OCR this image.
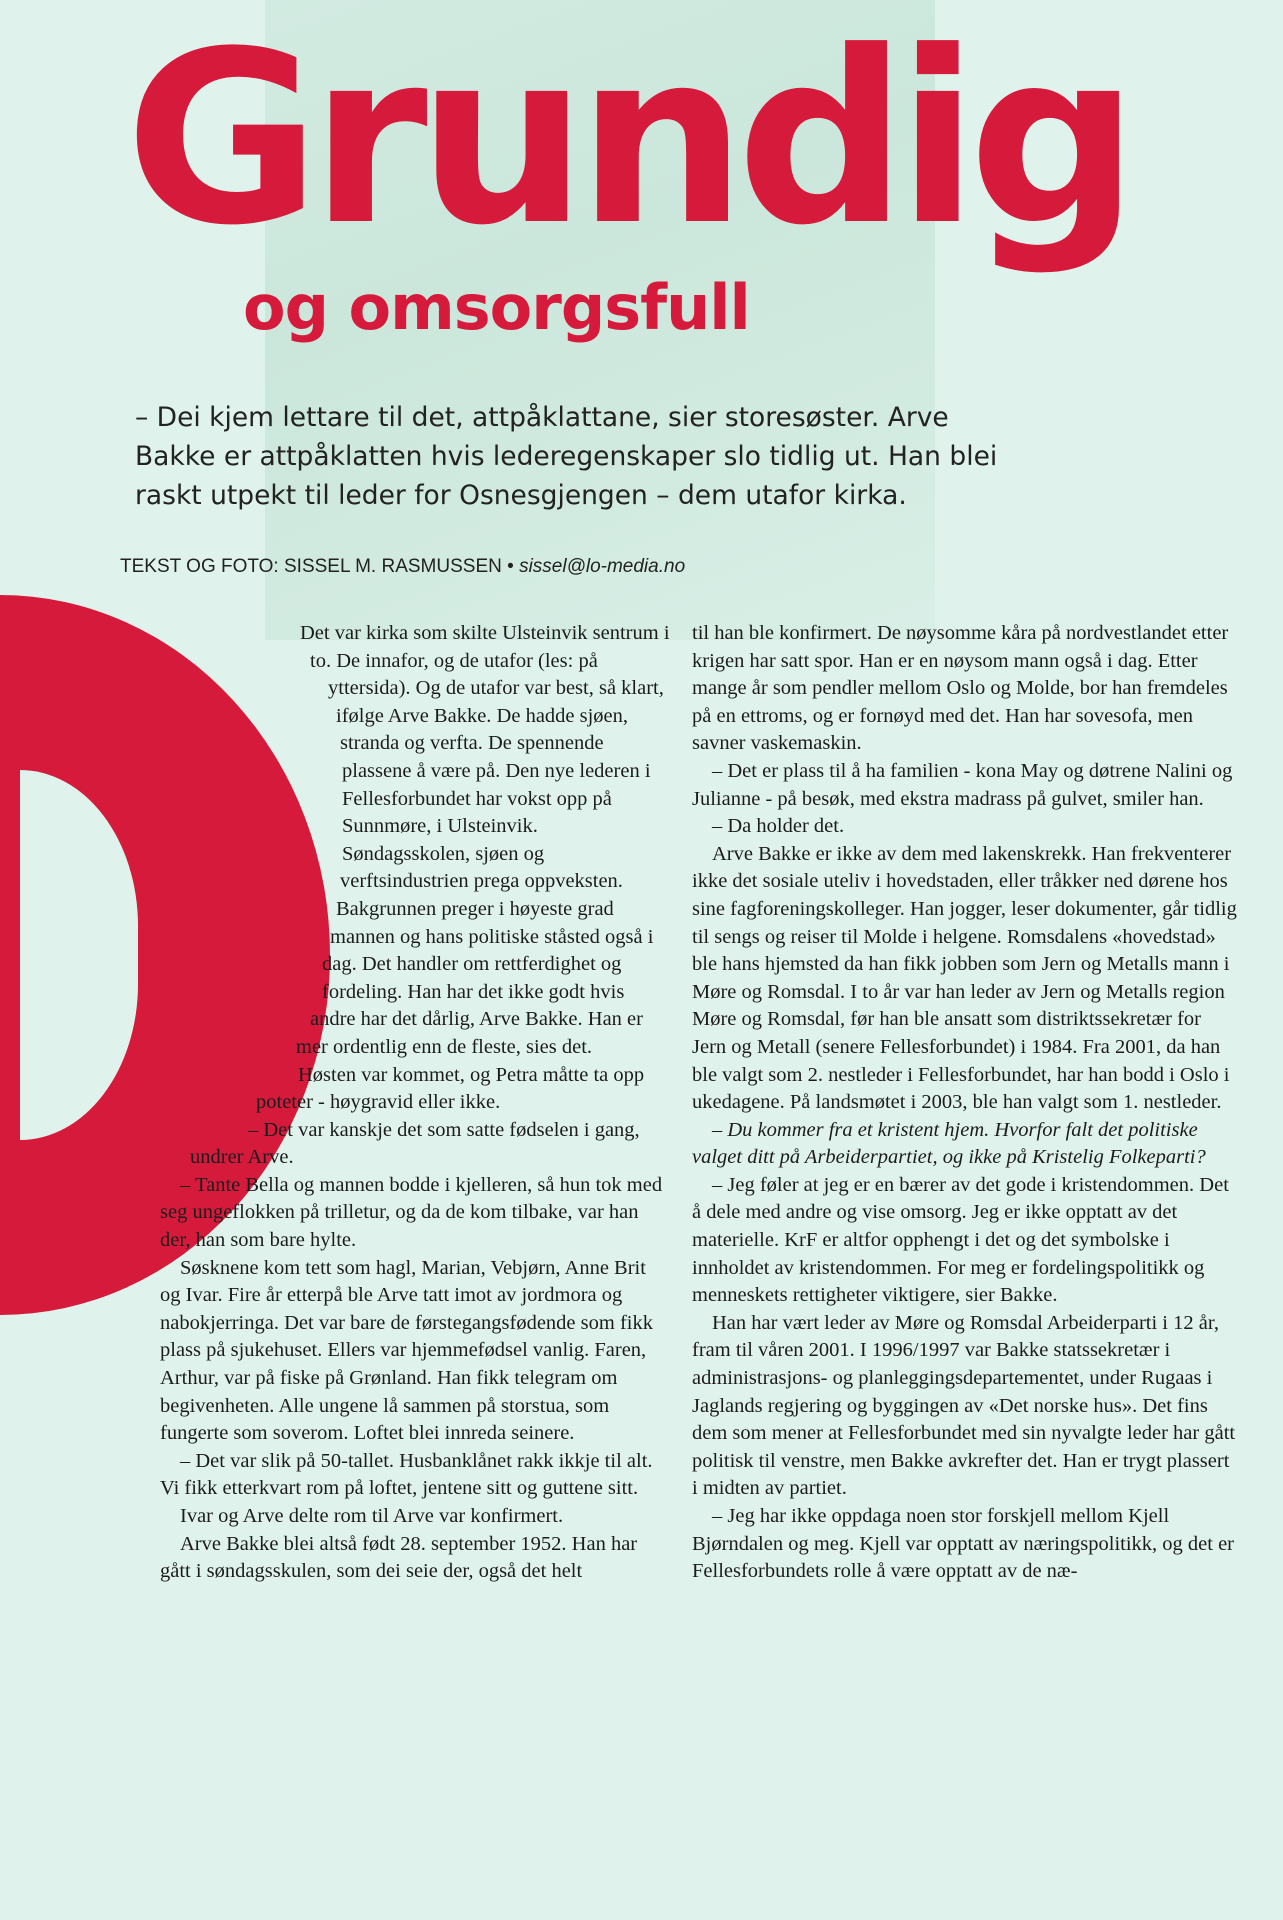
Grundig
og omsorgsfull

– Dei kjem lettare til det, attpåklattane, sier storesøster. Arve Bakke er attpåklatten hvis lederegenskaper slo tidlig ut. Han blei raskt utpekt til leder for Osnesgjengen – dem utafor kirka.

TEKST OG FOTO: SISSEL M. RASMUSSEN • sissel@lo-media.no

Det var kirka som skilte Ulsteinvik sentrum i to. De innafor, og de utafor (les: på yttersida). Og de utafor var best, så klart, ifølge Arve Bakke. De hadde sjøen, stranda og verfta. De spennende plassene å være på. Den nye lederen i Fellesforbundet har vokst opp på Sunnmøre, i Ulsteinvik. Søndagsskolen, sjøen og verftsindustrien prega oppveksten. Bakgrunnen preger i høyeste grad mannen og hans politiske ståsted også i dag. Det handler om rettferdighet og fordeling. Han har det ikke godt hvis andre har det dårlig, Arve Bakke. Han er mer ordentlig enn de fleste, sies det.

Høsten var kommet, og Petra måtte ta opp poteter - høygravid eller ikke.

– Det var kanskje det som satte fødselen i gang, undrer Arve.

– Tante Bella og mannen bodde i kjelleren, så hun tok med seg ungeflokken på trilletur, og da de kom tilbake, var han der, han som bare hylte.

Søsknene kom tett som hagl, Marian, Vebjørn, Anne Brit og Ivar. Fire år etterpå ble Arve tatt imot av jordmora og nabokjerringa. Det var bare de førstegangsfødende som fikk plass på sjukehuset. Ellers var hjemmefødsel vanlig. Faren, Arthur, var på fiske på Grønland. Han fikk telegram om begivenheten. Alle ungene lå sammen på storstua, som fungerte som soverom. Loftet blei innreda seinere.

– Det var slik på 50-tallet. Husbanklånet rakk ikkje til alt. Vi fikk etterkvart rom på loftet, jentene sitt og guttene sitt.

Ivar og Arve delte rom til Arve var konfirmert.

Arve Bakke blei altså født 28. september 1952. Han har gått i søndagsskulen, som dei seie der, også det helt

til han ble konfirmert. De nøysomme kåra på nordvestlandet etter krigen har satt spor. Han er en nøysom mann også i dag. Etter mange år som pendler mellom Oslo og Molde, bor han fremdeles på en ettroms, og er fornøyd med det. Han har sovesofa, men savner vaskemaskin.

– Det er plass til å ha familien - kona May og døtrene Nalini og Julianne - på besøk, med ekstra madrass på gulvet, smiler han.

– Da holder det.

Arve Bakke er ikke av dem med lakenskrekk. Han frekventerer ikke det sosiale uteliv i hovedstaden, eller tråkker ned dørene hos sine fagforeningskolleger. Han jogger, leser dokumenter, går tidlig til sengs og reiser til Molde i helgene. Romsdalens «hovedstad» ble hans hjemsted da han fikk jobben som Jern og Metalls mann i Møre og Romsdal. I to år var han leder av Jern og Metalls region Møre og Romsdal, før han ble ansatt som distriktssekretær for Jern og Metall (senere Fellesforbundet) i 1984. Fra 2001, da han ble valgt som 2. nestleder i Fellesforbundet, har han bodd i Oslo i ukedagene. På landsmøtet i 2003, ble han valgt som 1. nestleder.

– Du kommer fra et kristent hjem. Hvorfor falt det politiske valget ditt på Arbeiderpartiet, og ikke på Kristelig Folkeparti?

– Jeg føler at jeg er en bærer av det gode i kristendommen. Det å dele med andre og vise omsorg. Jeg er ikke opptatt av det materielle. KrF er altfor opphengt i det og det symbolske i innholdet av kristendommen. For meg er fordelingspolitikk og menneskets rettigheter viktigere, sier Bakke.

Han har vært leder av Møre og Romsdal Arbeiderparti i 12 år, fram til våren 2001. I 1996/1997 var Bakke statssekretær i administrasjons- og planleggingsdepartementet, under Rugaas i Jaglands regjering og byggingen av «Det norske hus». Det fins dem som mener at Fellesforbundet med sin nyvalgte leder har gått politisk til venstre, men Bakke avkrefter det. Han er trygt plassert i midten av partiet.

– Jeg har ikke oppdaga noen stor forskjell mellom Kjell Bjørndalen og meg. Kjell var opptatt av næringspolitikk, og det er Fellesforbundets rolle å være opptatt av de næ-
